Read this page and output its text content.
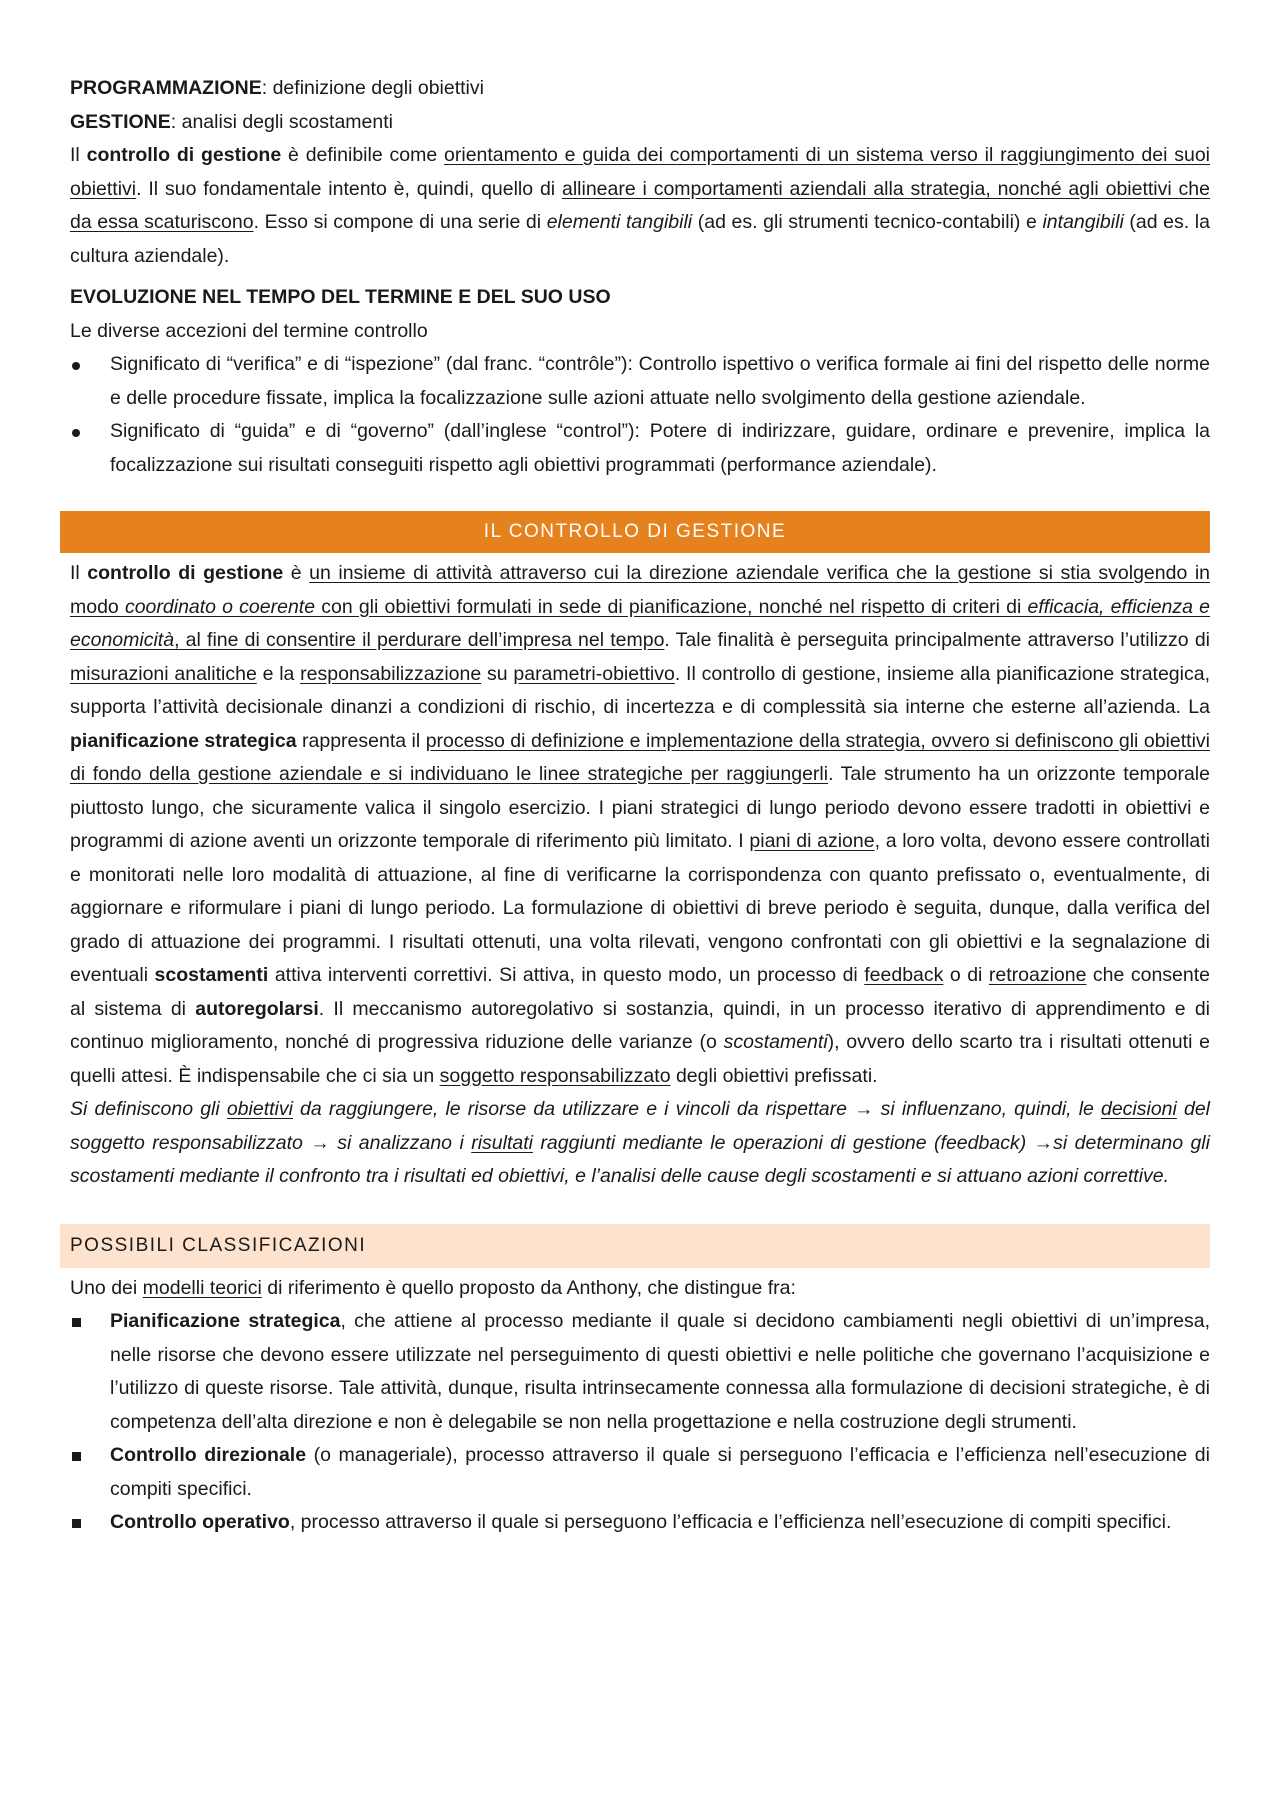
PROGRAMMAZIONE: definizione degli obiettivi

GESTIONE: analisi degli scostamenti

Il controllo di gestione è definibile come orientamento e guida dei comportamenti di un sistema verso il raggiungimento dei suoi obiettivi. Il suo fondamentale intento è, quindi, quello di allineare i comportamenti aziendali alla strategia, nonché agli obiettivi che da essa scaturiscono. Esso si compone di una serie di elementi tangibili (ad es. gli strumenti tecnico-contabili) e intangibili (ad es. la cultura aziendale).

EVOLUZIONE NEL TEMPO DEL TERMINE E DEL SUO USO

Le diverse accezioni del termine controllo

Significato di “verifica” e di “ispezione” (dal franc. “contrôle”): Controllo ispettivo o verifica formale ai fini del rispetto delle norme e delle procedure fissate, implica la focalizzazione sulle azioni attuate nello svolgimento della gestione aziendale.
Significato di “guida” e di “governo” (dall’inglese “control”): Potere di indirizzare, guidare, ordinare e prevenire, implica la focalizzazione sui risultati conseguiti rispetto agli obiettivi programmati (performance aziendale).
IL CONTROLLO DI GESTIONE

Il controllo di gestione è un insieme di attività attraverso cui la direzione aziendale verifica che la gestione si stia svolgendo in modo coordinato o coerente con gli obiettivi formulati in sede di pianificazione, nonché nel rispetto di criteri di efficacia, efficienza e economicità, al fine di consentire il perdurare dell’impresa nel tempo. Tale finalità è perseguita principalmente attraverso l’utilizzo di misurazioni analitiche e la responsabilizzazione su parametri-obiettivo. Il controllo di gestione, insieme alla pianificazione strategica, supporta l’attività decisionale dinanzi a condizioni di rischio, di incertezza e di complessità sia interne che esterne all’azienda. La pianificazione strategica rappresenta il processo di definizione e implementazione della strategia, ovvero si definiscono gli obiettivi di fondo della gestione aziendale e si individuano le linee strategiche per raggiungerli. Tale strumento ha un orizzonte temporale piuttosto lungo, che sicuramente valica il singolo esercizio. I piani strategici di lungo periodo devono essere tradotti in obiettivi e programmi di azione aventi un orizzonte temporale di riferimento più limitato. I piani di azione, a loro volta, devono essere controllati e monitorati nelle loro modalità di attuazione, al fine di verificarne la corrispondenza con quanto prefissato o, eventualmente, di aggiornare e riformulare i piani di lungo periodo. La formulazione di obiettivi di breve periodo è seguita, dunque, dalla verifica del grado di attuazione dei programmi. I risultati ottenuti, una volta rilevati, vengono confrontati con gli obiettivi e la segnalazione di eventuali scostamenti attiva interventi correttivi. Si attiva, in questo modo, un processo di feedback o di retroazione che consente al sistema di autoregolarsi. Il meccanismo autoregolativo si sostanzia, quindi, in un processo iterativo di apprendimento e di continuo miglioramento, nonché di progressiva riduzione delle varianze (o scostamenti), ovvero dello scarto tra i risultati ottenuti e quelli attesi. È indispensabile che ci sia un soggetto responsabilizzato degli obiettivi prefissati.

Si definiscono gli obiettivi da raggiungere, le risorse da utilizzare e i vincoli da rispettare → si influenzano, quindi, le decisioni del soggetto responsabilizzato → si analizzano i risultati raggiunti mediante le operazioni di gestione (feedback) →si determinano gli scostamenti mediante il confronto tra i risultati ed obiettivi, e l’analisi delle cause degli scostamenti e si attuano azioni correttive.

POSSIBILI CLASSIFICAZIONI

Uno dei modelli teorici di riferimento è quello proposto da Anthony, che distingue fra:

Pianificazione strategica, che attiene al processo mediante il quale si decidono cambiamenti negli obiettivi di un’impresa, nelle risorse che devono essere utilizzate nel perseguimento di questi obiettivi e nelle politiche che governano l’acquisizione e l’utilizzo di queste risorse. Tale attività, dunque, risulta intrinsecamente connessa alla formulazione di decisioni strategiche, è di competenza dell’alta direzione e non è delegabile se non nella progettazione e nella costruzione degli strumenti.
Controllo direzionale (o manageriale), processo attraverso il quale si perseguono l’efficacia e l’efficienza nell’esecuzione di compiti specifici.
Controllo operativo, processo attraverso il quale si perseguono l’efficacia e l’efficienza nell’esecuzione di compiti specifici.
